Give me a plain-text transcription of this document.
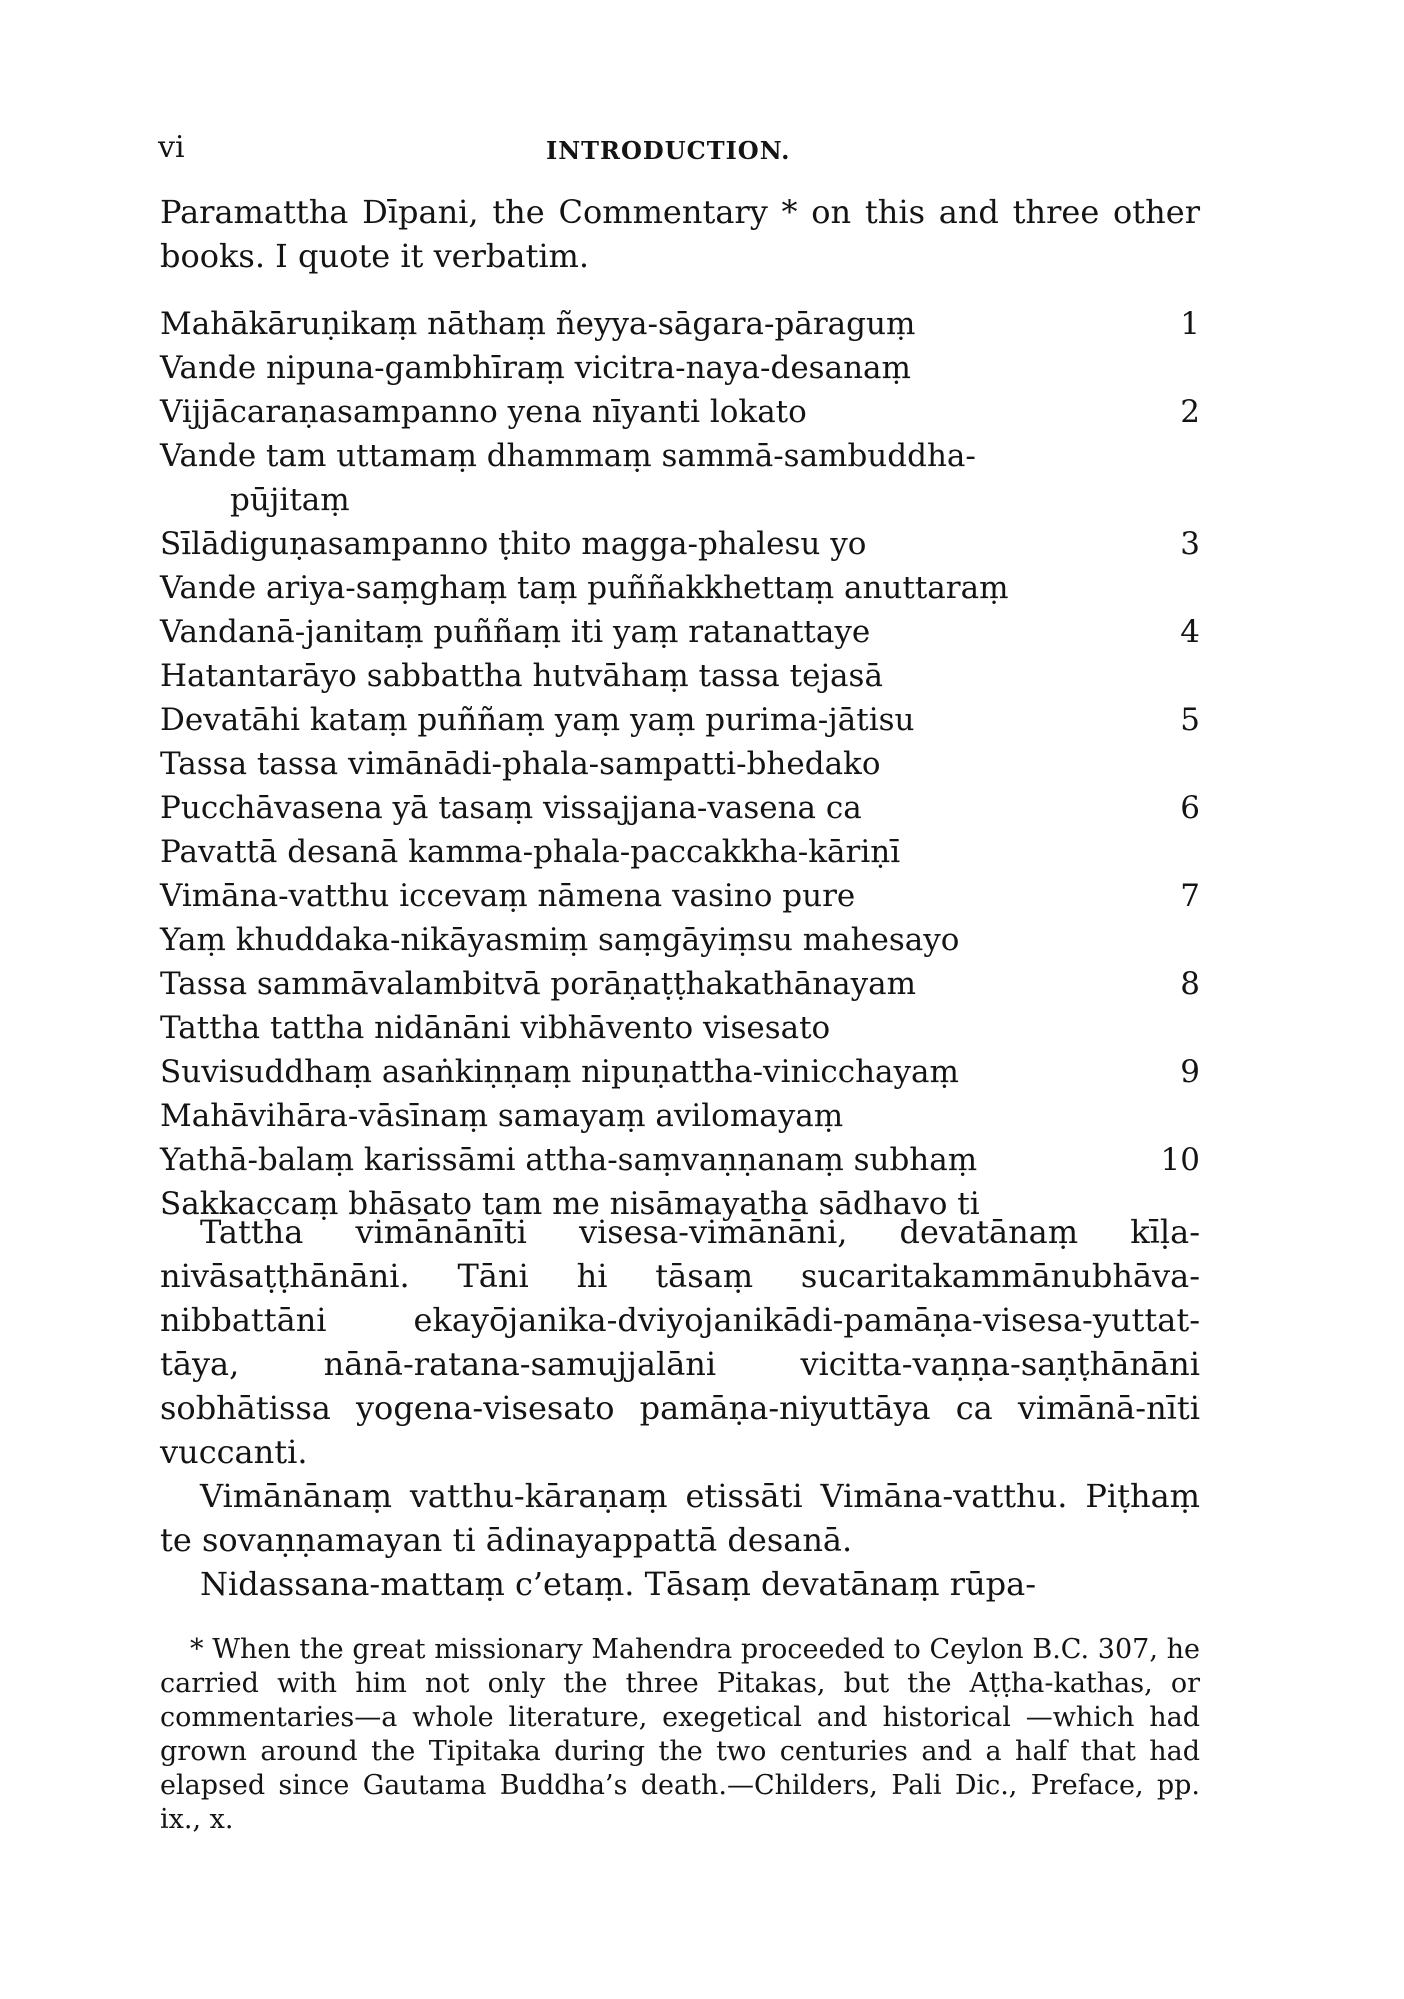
vi	INTRODUCTION.

Paramattha Dīpani, the Commentary * on this and three other books. I quote it verbatim.

Mahākāruṇikaṃ nāthaṃ ñeyya-sāgara-pāraguṃ	1
Vande nipuna-gambhīraṃ vicitra-naya-desanaṃ
Vijjācaraṇasampanno yena nīyanti lokato	2
Vande tam uttamaṃ dhammaṃ sammā-sambuddha-
pūjitaṃ
Sīlādiguṇasampanno ṭhito magga-phalesu yo	3
Vande ariya-saṃghaṃ taṃ puññakkhettaṃ anuttaraṃ
Vandanā-janitaṃ puññaṃ iti yaṃ ratanattaye	4
Hatantarāyo sabbattha hutvāhaṃ tassa tejasā
Devatāhi kataṃ puññaṃ yaṃ yaṃ purima-jātisu	5
Tassa tassa vimānādi-phala-sampatti-bhedako
Pucchāvasena yā tasaṃ vissajjana-vasena ca	6
Pavattā desanā kamma-phala-paccakkha-kāriṇī
Vimāna-vatthu iccevaṃ nāmena vasino pure	7
Yaṃ khuddaka-nikāyasmiṃ saṃgāyiṃsu mahesayo
Tassa sammāvalambitvā porāṇaṭṭhakathānayam	8
Tattha tattha nidānāni vibhāvento visesato
Suvisuddhaṃ asaṅkiṇṇaṃ nipuṇattha-vinicchayaṃ	9
Mahāvihāra-vāsīnaṃ samayaṃ avilomayaṃ
Yathā-balaṃ karissāmi attha-saṃvaṇṇanaṃ subhaṃ	10
Sakkaccaṃ bhāsato tam me nisāmayatha sādhavo ti

Tattha vimānānīti visesa-vimānāni, devatānaṃ kīḷa-nivāsaṭṭhānāni. Tāni hi tāsaṃ sucaritakammānubhāva-nibbattāni ekayōjanika-dviyojanikādi-pamāṇa-visesa-yuttat-tāya, nānā-ratana-samujjalāni vicitta-vaṇṇa-saṇṭhānāni sobhātissa yogena-visesato pamāṇa-niyuttāya ca vimānā-nīti vuccanti.

Vimānānaṃ vatthu-kāraṇaṃ etissāti Vimāna-vatthu. Piṭhaṃ te sovaṇṇamayan ti ādinayappattā desanā.

Nidassana-mattaṃ c’etaṃ. Tāsaṃ devatānaṃ rūpa-

* When the great missionary Mahendra proceeded to Ceylon B.C. 307, he carried with him not only the three Pitakas, but the Aṭṭha-kathas, or commentaries—a whole literature, exegetical and historical —which had grown around the Tipitaka during the two centuries and a half that had elapsed since Gautama Buddha’s death.—Childers, Pali Dic., Preface, pp. ix., x.
